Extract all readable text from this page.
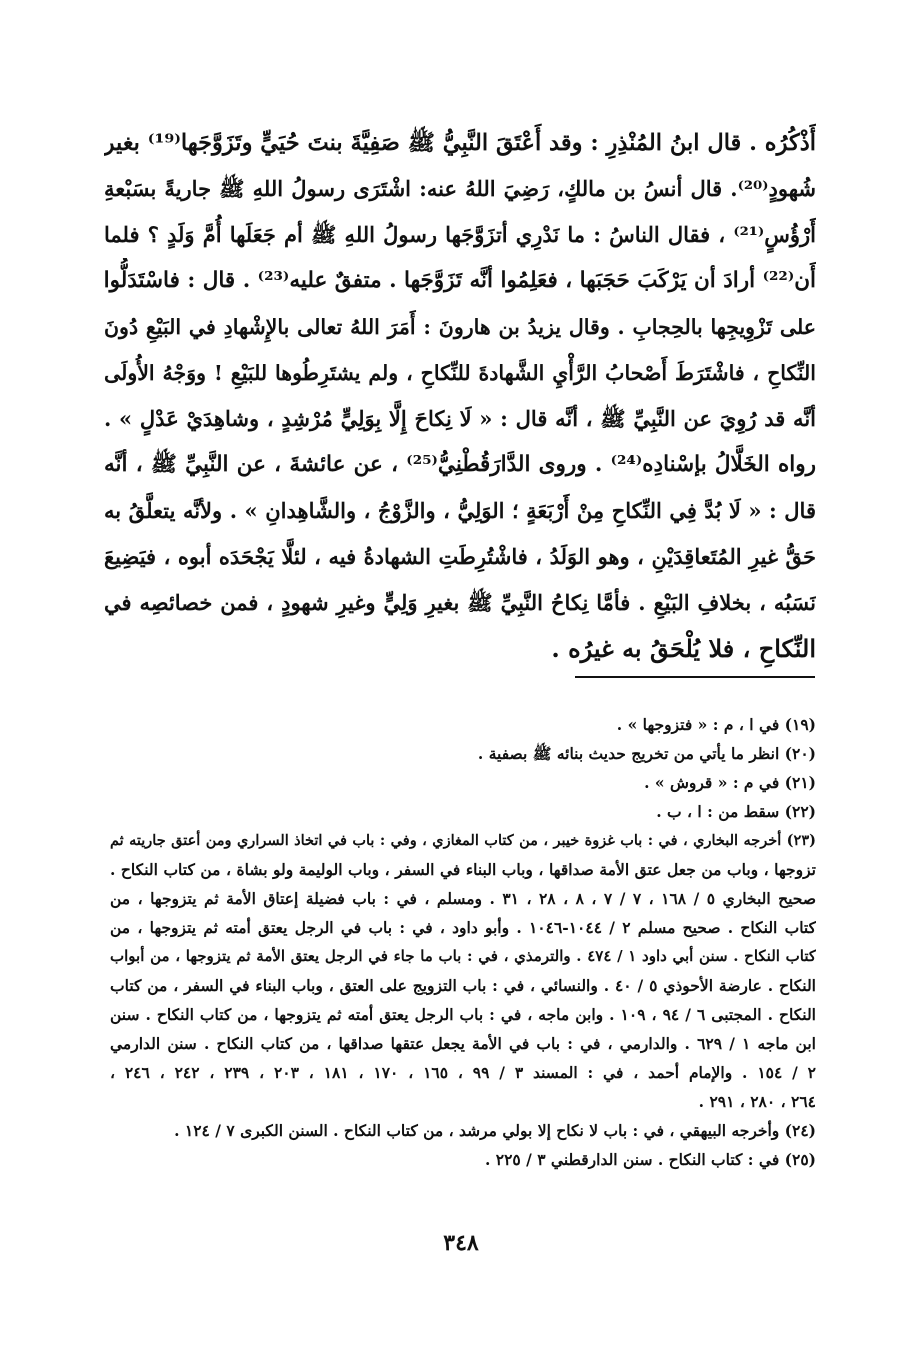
أَذْكُرُه . قال ابنُ المُنْذِرِ : وقد أَعْتَقَ النَّبِيُّ ﷺ صَفِيَّةَ بنتَ حُيَيٍّ وتَزَوَّجَها⁽¹⁹⁾ بغير
شُهودٍ⁽²⁰⁾. قال أنسُ بن مالكٍ، رَضِيَ اللهُ عنه: اشْتَرَى رسولُ اللهِ ﷺ جاريةً بسَبْعةِ
أَرْؤُسٍ⁽²¹⁾ ، فقال الناسُ : ما نَدْرِي أتزَوَّجَها رسولُ اللهِ ﷺ أم جَعَلَها أُمَّ وَلَدٍ ؟ فلما
أَن⁽²²⁾ أرادَ أن يَرْكَبَ حَجَبَها ، فعَلِمُوا أنَّه تَزَوَّجَها . متفقٌ عليه⁽²³⁾ . قال : فاسْتَدَلُّوا
على تَزْوِيجِها بالحِجابِ . وقال يزيدُ بن هارونَ : أَمَرَ اللهُ تعالى بالإِشْهادِ في البَيْعِ دُونَ
النِّكاحِ ، فاشْتَرَطَ أَصْحابُ الرَّأْيِ الشَّهادةَ للنِّكاحِ ، ولم يشتَرِطُوها للبَيْعِ ! ووَجْهُ الأُولَى
أنَّه قد رُوِيَ عن النَّبِيِّ ﷺ ، أنَّه قال : « لَا نِكاحَ إِلَّا بِوَلِيٍّ مُرْشِدٍ ، وشاهِدَيْ عَدْلٍ » .
رواه الخَلَّالُ بإسْنادِه⁽²⁴⁾ . وروى الدَّارَقُطْنِيُّ⁽²⁵⁾ ، عن عائشةَ ، عن النَّبِيِّ ﷺ ، أنَّه
قال : « لَا بُدَّ فِي النِّكاحِ مِنْ أَرْبَعَةٍ ؛ الوَلِيُّ ، والزَّوْجُ ، والشَّاهِدانِ » . ولأنَّه يتعلَّقُ به
حَقُّ غيرِ المُتَعاقِدَيْنِ ، وهو الوَلَدُ ، فاشْتُرِطَتِ الشهادةُ فيه ، لئلَّا يَجْحَدَه أبوه ، فيَضِيعَ
نَسَبُه ، بخلافِ البَيْعِ . فأمَّا نِكاحُ النَّبِيِّ ﷺ بغيرِ وَلِيٍّ وغيرِ شهودٍ ، فمن خصائصِه في
النِّكاحِ ، فلا يُلْحَقُ به غيرُه .
(١٩) في ا ، م : « فتزوجها » .
(٢٠) انظر ما يأتي من تخريج حديث بنائه ﷺ بصفية .
(٢١) في م : « قروش » .
(٢٢) سقط من : ا ، ب .
(٢٣) أخرجه البخاري ، في : باب غزوة خيبر ، من كتاب المغازي ، وفي : باب في اتخاذ السراري ومن أعتق جاريته ثم
تزوجها ، وباب من جعل عتق الأمة صداقها ، وباب البناء في السفر ، وباب الوليمة ولو بشاة ، من كتاب النكاح .
صحيح البخاري ٥ / ١٦٨ ، ٧ / ٧ ، ٨ ، ٢٨ ، ٣١ . ومسلم ، في : باب فضيلة إعتاق الأمة ثم يتزوجها ، من
كتاب النكاح . صحيح مسلم ٢ / ١٠٤٤-١٠٤٦ . وأبو داود ، في : باب في الرجل يعتق أمته ثم يتزوجها ، من
كتاب النكاح . سنن أبي داود ١ / ٤٧٤ . والترمذي ، في : باب ما جاء في الرجل يعتق الأمة ثم يتزوجها ، من أبواب
النكاح . عارضة الأحوذي ٥ / ٤٠ . والنسائي ، في : باب التزويج على العتق ، وباب البناء في السفر ، من كتاب
النكاح . المجتبى ٦ / ٩٤ ، ١٠٩ . وابن ماجه ، في : باب الرجل يعتق أمته ثم يتزوجها ، من كتاب النكاح . سنن
ابن ماجه ١ / ٦٢٩ . والدارمي ، في : باب في الأمة يجعل عتقها صداقها ، من كتاب النكاح . سنن الدارمي
٢ / ١٥٤ . والإمام أحمد ، في : المسند ٣ / ٩٩ ، ١٦٥ ، ١٧٠ ، ١٨١ ، ٢٠٣ ، ٢٣٩ ، ٢٤٢ ، ٢٤٦ ،
٢٦٤ ، ٢٨٠ ، ٢٩١ .
(٢٤) وأخرجه البيهقي ، في : باب لا نكاح إلا بولي مرشد ، من كتاب النكاح . السنن الكبرى ٧ / ١٢٤ .
(٢٥) في : كتاب النكاح . سنن الدارقطني ٣ / ٢٢٥ .
٣٤٨
